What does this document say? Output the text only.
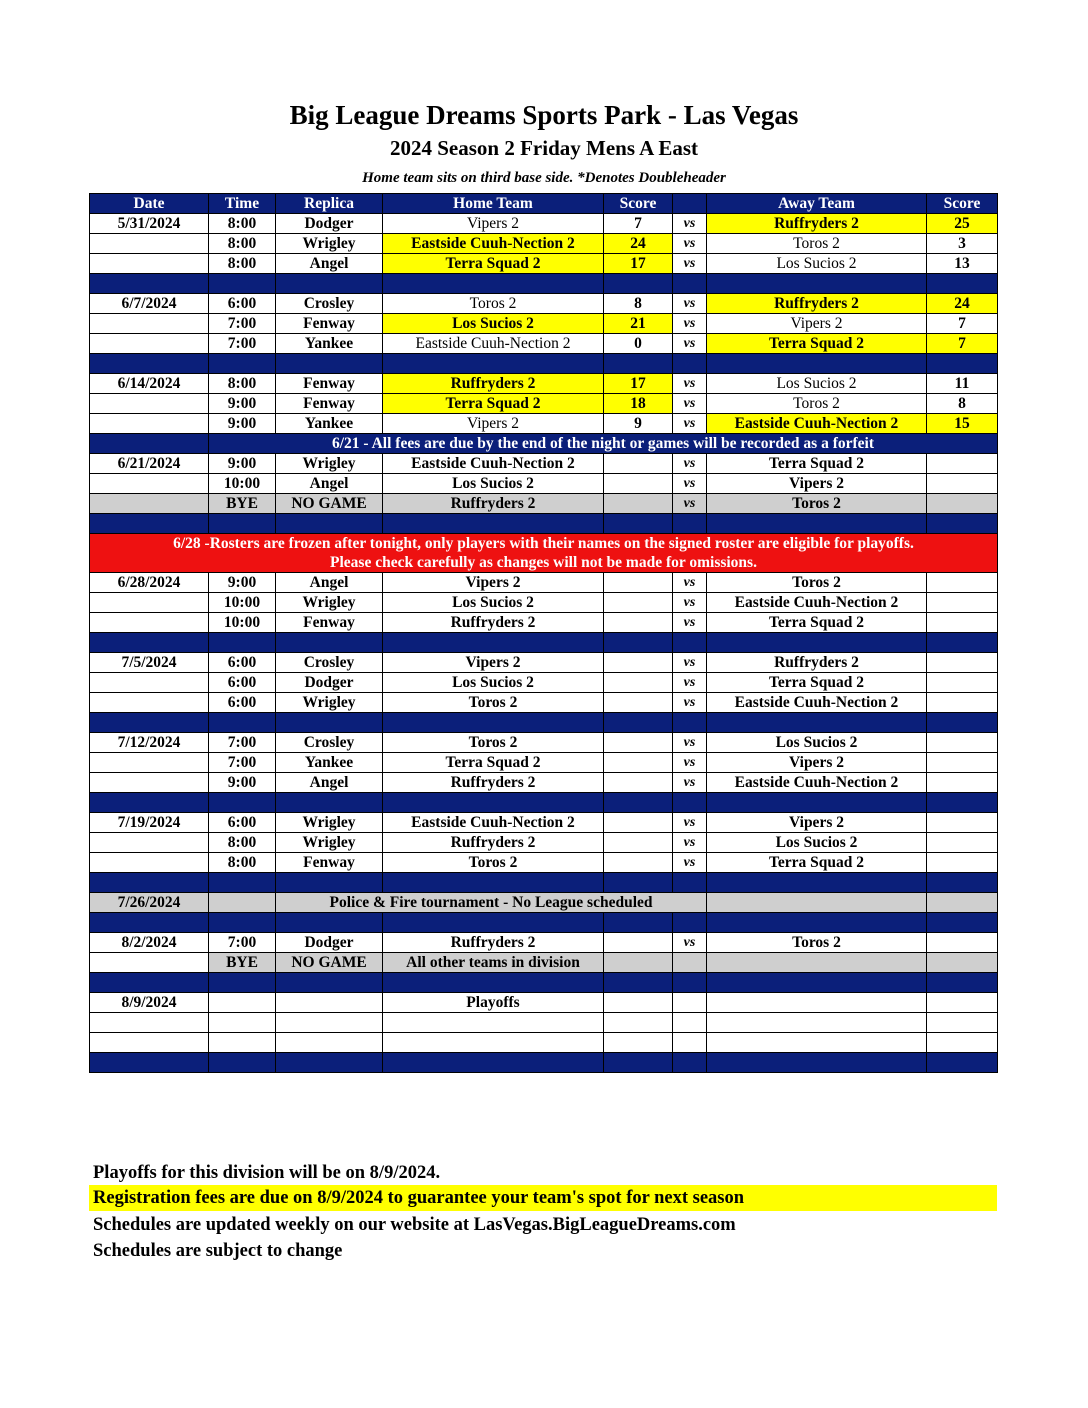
Big League Dreams Sports Park - Las Vegas
2024 Season 2 Friday Mens A East
Home team sits on third base side. *Denotes Doubleheader
Date	Time	Replica	Home Team	Score		Away Team	Score
5/31/2024	8:00	Dodger	Vipers 2	7	vs	Ruffryders 2	25
	8:00	Wrigley	Eastside Cuuh-Nection 2	24	vs	Toros 2	3
	8:00	Angel	Terra Squad 2	17	vs	Los Sucios 2	13

6/7/2024	6:00	Crosley	Toros 2	8	vs	Ruffryders 2	24
	7:00	Fenway	Los Sucios 2	21	vs	Vipers 2	7
	7:00	Yankee	Eastside Cuuh-Nection 2	0	vs	Terra Squad 2	7

6/14/2024	8:00	Fenway	Ruffryders 2	17	vs	Los Sucios 2	11
	9:00	Fenway	Terra Squad 2	18	vs	Toros 2	8
	9:00	Yankee	Vipers 2	9	vs	Eastside Cuuh-Nection 2	15
	6/21 - All fees are due by the end of the night or games will be recorded as a forfeit						
6/21/2024	9:00	Wrigley	Eastside Cuuh-Nection 2		vs	Terra Squad 2	
	10:00	Angel	Los Sucios 2		vs	Vipers 2	
	BYE	NO GAME	Ruffryders 2		vs	Toros 2	

6/28 -Rosters are frozen after tonight, only players with their names on the signed roster are eligible for playoffs.
Please check carefully as changes will not be made for omissions.							

6/28/2024	9:00	Angel	Vipers 2		vs	Toros 2	
	10:00	Wrigley	Los Sucios 2		vs	Eastside Cuuh-Nection 2	
	10:00	Fenway	Ruffryders 2		vs	Terra Squad 2	

7/5/2024	6:00	Crosley	Vipers 2		vs	Ruffryders 2	
	6:00	Dodger	Los Sucios 2		vs	Terra Squad 2	
	6:00	Wrigley	Toros 2		vs	Eastside Cuuh-Nection 2	

7/12/2024	7:00	Crosley	Toros 2		vs	Los Sucios 2	
	7:00	Yankee	Terra Squad 2		vs	Vipers 2	
	9:00	Angel	Ruffryders 2		vs	Eastside Cuuh-Nection 2	

7/19/2024	6:00	Wrigley	Eastside Cuuh-Nection 2		vs	Vipers 2	
	8:00	Wrigley	Ruffryders 2		vs	Los Sucios 2	
	8:00	Fenway	Toros 2		vs	Terra Squad 2	

7/26/2024		Police & Fire tournament - No League scheduled					

8/2/2024	7:00	Dodger	Ruffryders 2		vs	Toros 2	
	BYE	NO GAME	All other teams in division				

8/9/2024			Playoffs				

Playoffs for this division will be on 8/9/2024.
Registration fees are due on 8/9/2024 to guarantee your team's spot for next season
Schedules are updated weekly on our website at LasVegas.BigLeagueDreams.com
Schedules are subject to change
